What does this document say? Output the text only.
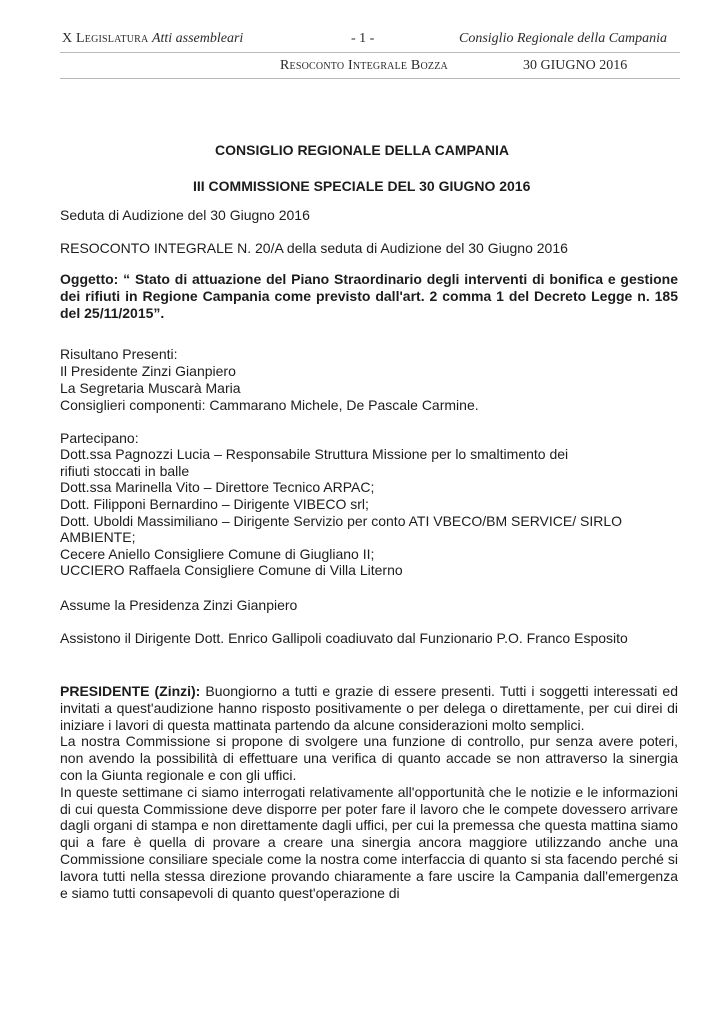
X Legislatura Atti assembleari	- 1 -	Consiglio Regionale della Campania
Resoconto Integrale Bozza	30 GIUGNO 2016
CONSIGLIO REGIONALE DELLA CAMPANIA
III COMMISSIONE SPECIALE DEL 30 GIUGNO 2016
Seduta di Audizione del 30 Giugno 2016
RESOCONTO INTEGRALE N. 20/A della seduta di Audizione del 30 Giugno 2016
Oggetto: “ Stato di attuazione del Piano Straordinario degli interventi di bonifica e gestione dei rifiuti in Regione Campania come previsto dall'art. 2 comma 1 del Decreto Legge n. 185 del 25/11/2015”.
Risultano Presenti:
Il Presidente Zinzi Gianpiero
La Segretaria Muscarà Maria
Consiglieri componenti: Cammarano Michele, De Pascale Carmine.
Partecipano:
Dott.ssa Pagnozzi Lucia – Responsabile Struttura Missione per lo smaltimento dei
rifiuti stoccati in balle
Dott.ssa Marinella Vito – Direttore Tecnico ARPAC;
Dott. Filipponi Bernardino – Dirigente VIBECO srl;
Dott. Uboldi Massimiliano – Dirigente Servizio per conto ATI VBECO/BM SERVICE/ SIRLO
AMBIENTE;
Cecere Aniello Consigliere Comune di Giugliano II;
UCCIERO Raffaela Consigliere Comune di Villa Literno
Assume la Presidenza Zinzi Gianpiero
Assistono il Dirigente Dott. Enrico Gallipoli coadiuvato dal Funzionario P.O. Franco Esposito

PRESIDENTE (Zinzi): Buongiorno a tutti e grazie di essere presenti. Tutti i soggetti interessati ed invitati a quest'audizione hanno risposto positivamente o per delega o direttamente, per cui direi di iniziare i lavori di questa mattinata partendo da alcune considerazioni molto semplici.

La nostra Commissione si propone di svolgere una funzione di controllo, pur senza avere poteri, non avendo la possibilità di effettuare una verifica di quanto accade se non attraverso la sinergia con la Giunta regionale e con gli uffici.

In queste settimane ci siamo interrogati relativamente all'opportunità che le notizie e le informazioni di cui questa Commissione deve disporre per poter fare il lavoro che le compete dovessero arrivare dagli organi di stampa e non direttamente dagli uffici, per cui la premessa che questa mattina siamo qui a fare è quella di provare a creare una sinergia ancora maggiore utilizzando anche una Commissione consiliare speciale come la nostra come interfaccia di quanto si sta facendo perché si lavora tutti nella stessa direzione provando chiaramente a fare uscire la Campania dall'emergenza e siamo tutti consapevoli di quanto quest'operazione di
